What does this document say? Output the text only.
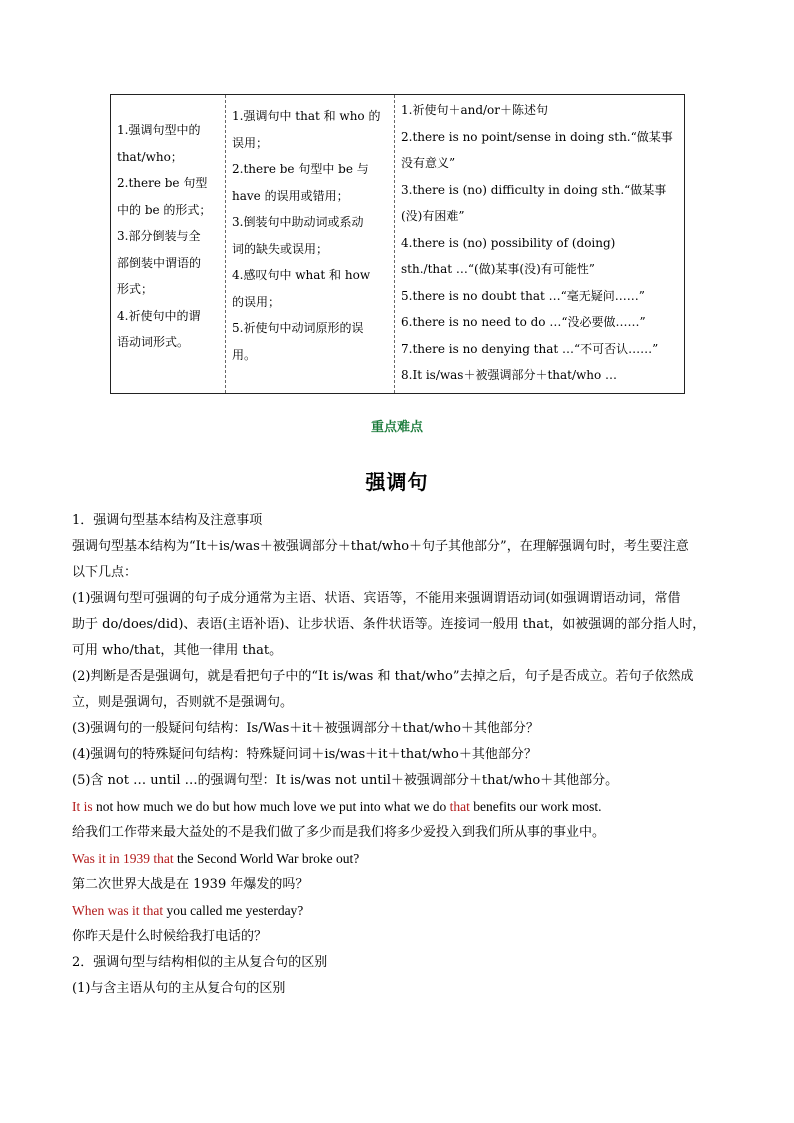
1.强调句型中的
that/who；
2.there be 句型
中的 be 的形式；
3.部分倒装与全
部倒装中谓语的
形式；
4.祈使句中的谓
语动词形式。

1.强调句中 that 和 who 的
误用；
2.there be 句型中 be 与
have 的误用或错用；
3.倒装句中助动词或系动
词的缺失或误用；
4.感叹句中 what 和 how
的误用；
5.祈使句中动词原形的误
用。

1.祈使句＋and/or＋陈述句
2.there is no point/sense in doing sth.“做某事
没有意义”
3.there is (no) difficulty in doing sth.“做某事
(没)有困难”
4.there is (no) possibility of (doing)
sth./that …“(做)某事(没)有可能性”
5.there is no doubt that …“毫无疑问……”
6.there is no need to do …“没必要做……”
7.there is no denying that …“不可否认……”
8.It is/was＋被强调部分＋that/who …
重点难点
强调句
1．强调句型基本结构及注意事项
强调句型基本结构为“It＋is/was＋被强调部分＋that/who＋句子其他部分”，在理解强调句时，考生要注意
以下几点：
(1)强调句型可强调的句子成分通常为主语、状语、宾语等，不能用来强调谓语动词(如强调谓语动词，常借
助于 do/does/did)、表语(主语补语)、让步状语、条件状语等。连接词一般用 that，如被强调的部分指人时，
可用 who/that，其他一律用 that。
(2)判断是否是强调句，就是看把句子中的“It is/was 和 that/who”去掉之后，句子是否成立。若句子依然成
立，则是强调句，否则就不是强调句。
(3)强调句的一般疑问句结构：Is/Was＋it＋被强调部分＋that/who＋其他部分？
(4)强调句的特殊疑问句结构：特殊疑问词＋is/was＋it＋that/who＋其他部分？
(5)含 not … until …的强调句型：It is/was not until＋被强调部分＋that/who＋其他部分。
It is not how much we do but how much love we put into what we do that benefits our work most.
给我们工作带来最大益处的不是我们做了多少而是我们将多少爱投入到我们所从事的事业中。
Was it in 1939 that the Second World War broke out?
第二次世界大战是在 1939 年爆发的吗？
When was it that you called me yesterday?
你昨天是什么时候给我打电话的？
2．强调句型与结构相似的主从复合句的区别
(1)与含主语从句的主从复合句的区别
